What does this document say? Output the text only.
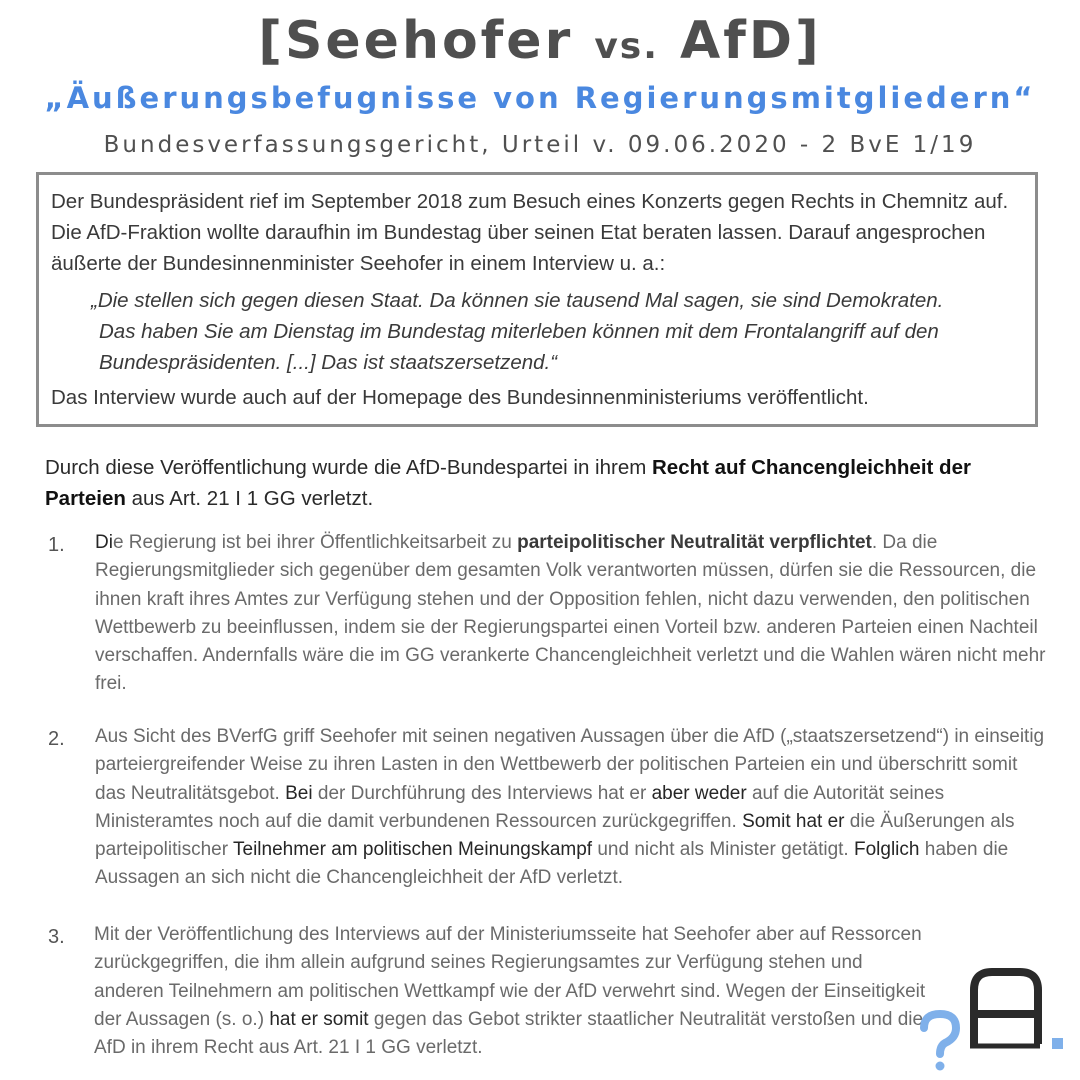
[Seehofer vs. AfD]
„Äußerungsbefugnisse von Regierungsmitgliedern“
Bundesverfassungsgericht, Urteil v. 09.06.2020 - 2 BvE 1/19

Der Bundespräsident rief im September 2018 zum Besuch eines Konzerts gegen Rechts in Chemnitz auf. Die AfD-Fraktion wollte daraufhin im Bundestag über seinen Etat beraten lassen. Darauf angesprochen äußerte der Bundesinnenminister Seehofer in einem Interview u. a.:

„Die stellen sich gegen diesen Staat. Da können sie tausend Mal sagen, sie sind Demokraten.
Das haben Sie am Dienstag im Bundestag miterleben können mit dem Frontalangriff auf den
Bundespräsidenten. [...] Das ist staatszersetzend.“

Das Interview wurde auch auf der Homepage des Bundesinnenministeriums veröffentlicht.

Durch diese Veröffentlichung wurde die AfD-Bundespartei in ihrem Recht auf Chancengleichheit der Parteien aus Art. 21 I 1 GG verletzt.
1. Die Regierung ist bei ihrer Öffentlichkeitsarbeit zu parteipolitischer Neutralität verpflichtet. Da die Regierungsmitglieder sich gegenüber dem gesamten Volk verantworten müssen, dürfen sie die Ressourcen, die ihnen kraft ihres Amtes zur Verfügung stehen und der Opposition fehlen, nicht dazu verwenden, den politischen Wettbewerb zu beeinflussen, indem sie der Regierungspartei einen Vorteil bzw. anderen Parteien einen Nachteil verschaffen. Andernfalls wäre die im GG verankerte Chancengleichheit verletzt und die Wahlen wären nicht mehr frei.
2. Aus Sicht des BVerfG griff Seehofer mit seinen negativen Aussagen über die AfD („staatszersetzend“) in einseitig parteiergreifender Weise zu ihren Lasten in den Wettbewerb der politischen Parteien ein und überschritt somit das Neutralitätsgebot. Bei der Durchführung des Interviews hat er aber weder auf die Autorität seines Ministeramtes noch auf die damit verbundenen Ressourcen zurückgegriffen. Somit hat er die Äußerungen als parteipolitischer Teilnehmer am politischen Meinungskampf und nicht als Minister getätigt. Folglich haben die Aussagen an sich nicht die Chancengleichheit der AfD verletzt.
3. Mit der Veröffentlichung des Interviews auf der Ministeriumsseite hat Seehofer aber auf Ressorcen zurückgegriffen, die ihm allein aufgrund seines Regierungsamtes zur Verfügung stehen und anderen Teilnehmern am politischen Wettkampf wie der AfD verwehrt sind. Wegen der Einseitigkeit der Aussagen (s. o.) hat er somit gegen das Gebot strikter staatlicher Neutralität verstoßen und die AfD in ihrem Recht aus Art. 21 I 1 GG verletzt.
